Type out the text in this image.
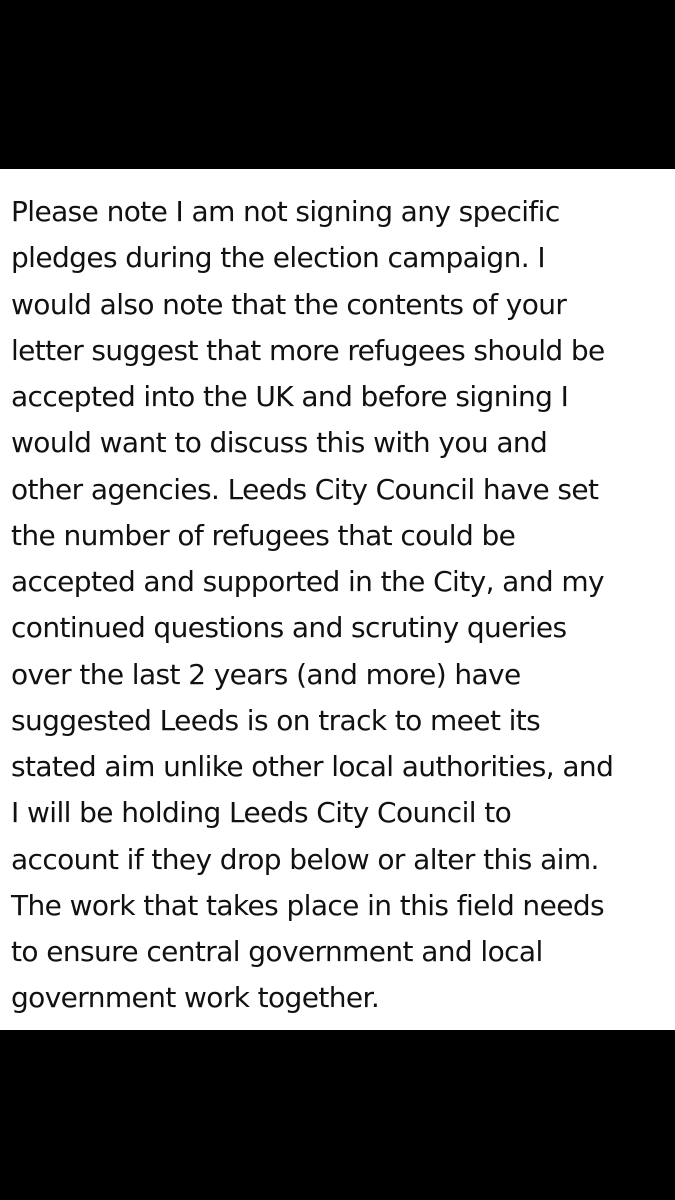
Please note I am not signing any specific
pledges during the election campaign. I
would also note that the contents of your
letter suggest that more refugees should be
accepted into the UK and before signing I
would want to discuss this with you and
other agencies. Leeds City Council have set
the number of refugees that could be
accepted and supported in the City, and my
continued questions and scrutiny queries
over the last 2 years (and more) have
suggested Leeds is on track to meet its
stated aim unlike other local authorities, and
I will be holding Leeds City Council to
account if they drop below or alter this aim.
The work that takes place in this field needs
to ensure central government and local
government work together.
